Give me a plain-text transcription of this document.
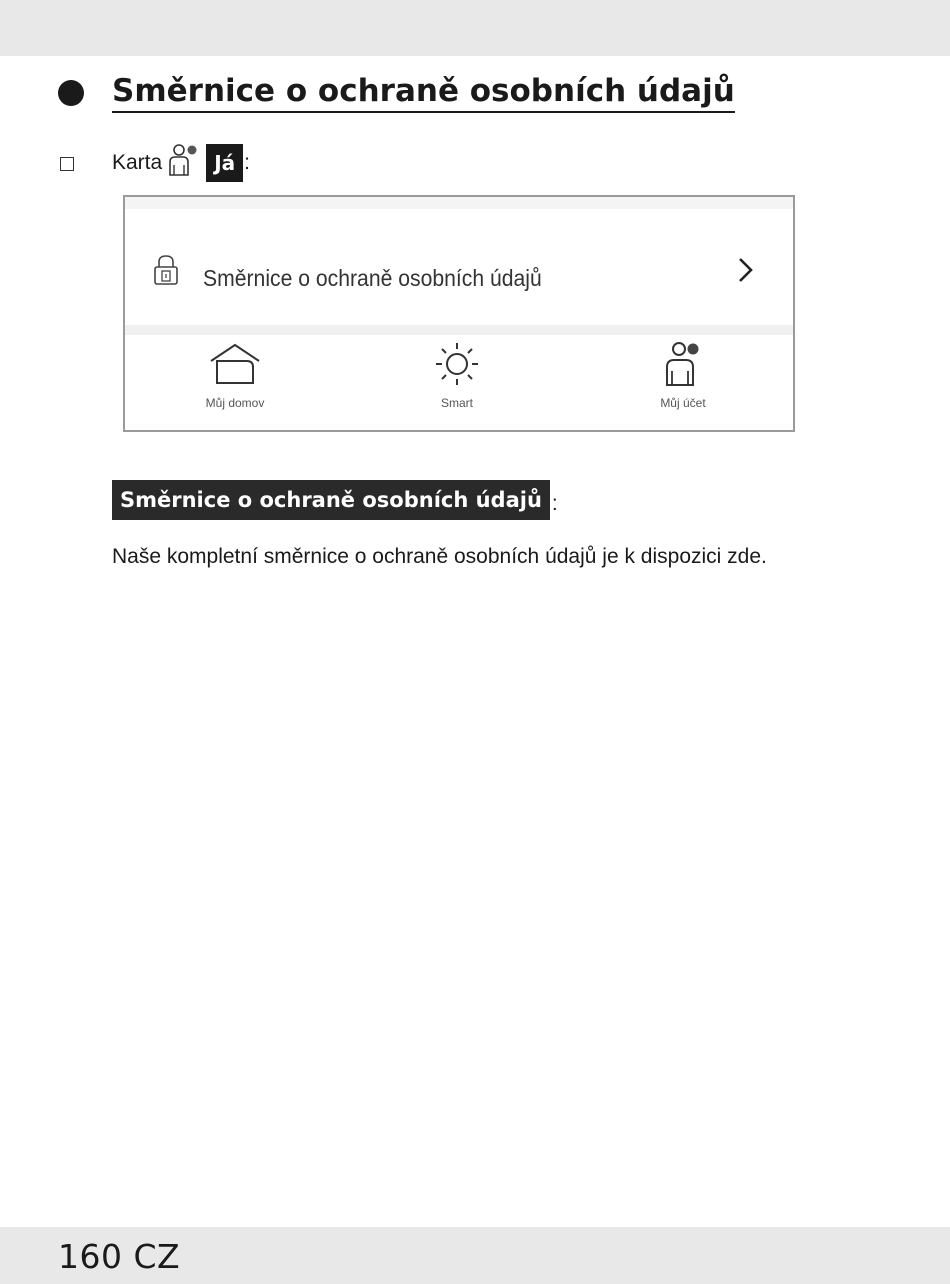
Směrnice o ochraně osobních údajů
Karta	Já :
Směrnice o ochraně osobních údajů
Můj domov	Smart	Můj účet
Směrnice o ochraně osobních údajů :

Naše kompletní směrnice o ochraně osobních údajů je k dispozici zde.

160 CZ
